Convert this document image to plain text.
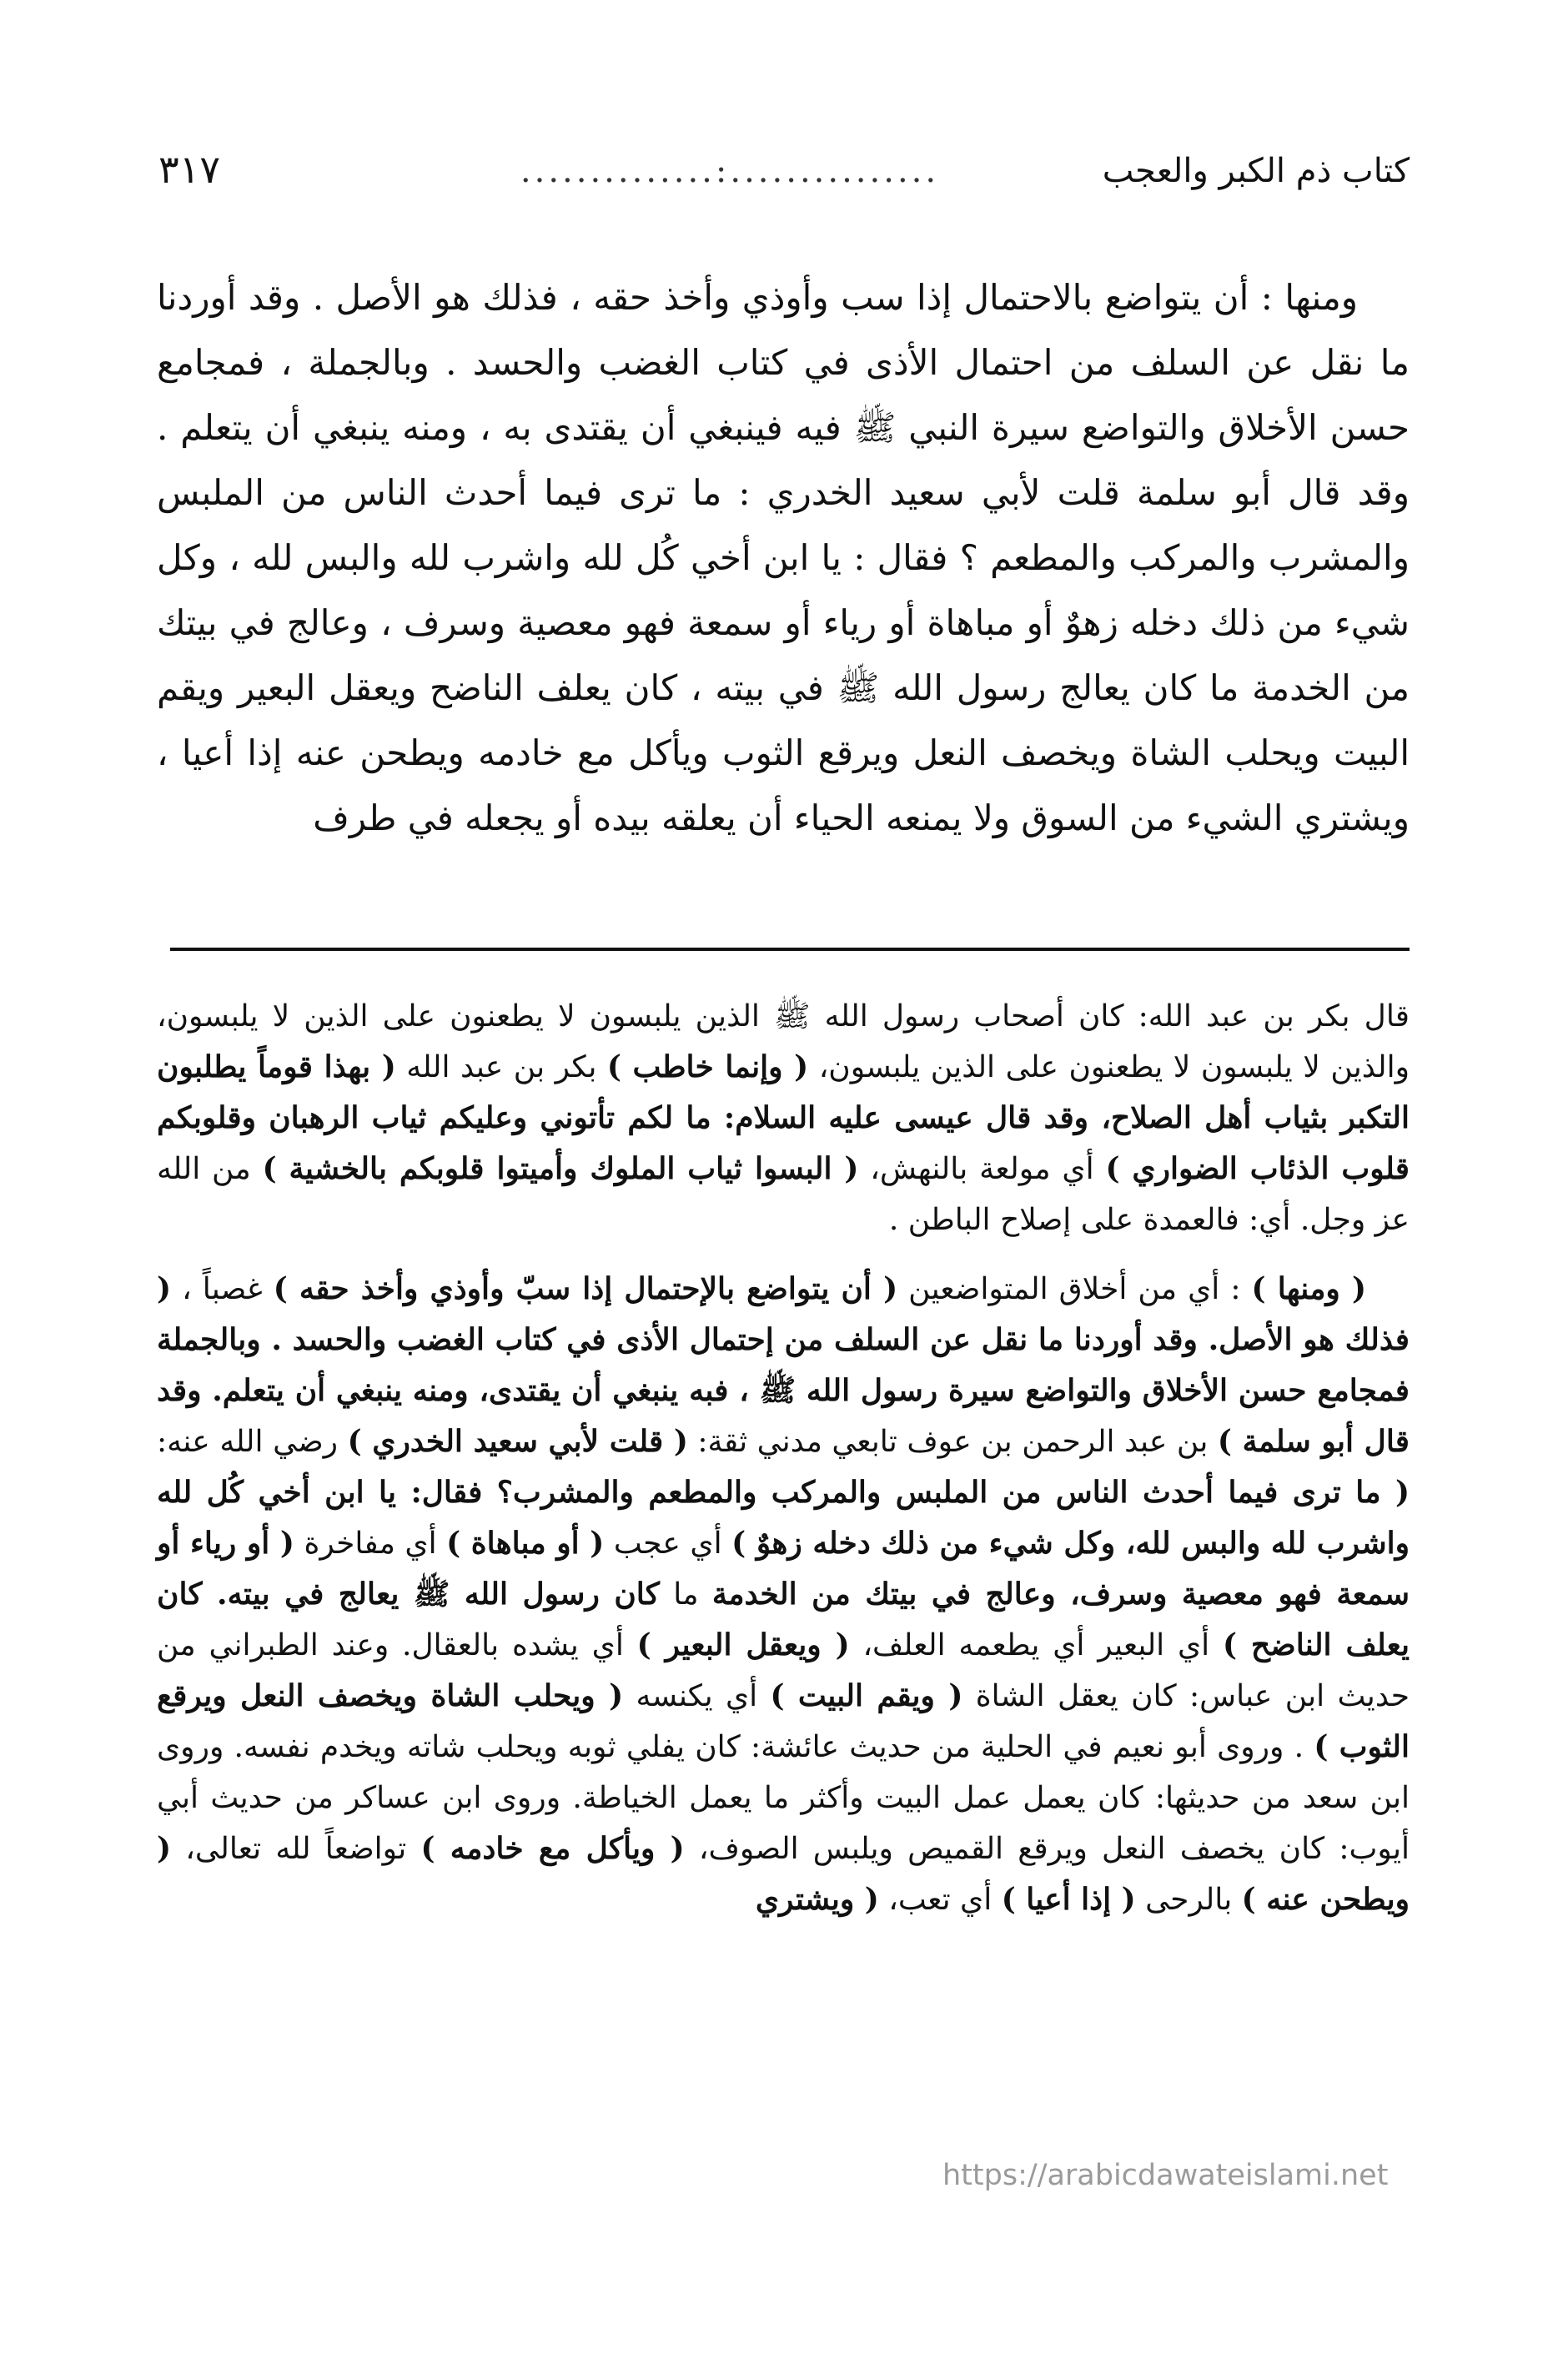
كتاب ذم الكبر والعجب
...............:..............
٣١٧

ومنها : أن يتواضع بالاحتمال إذا سب وأوذي وأخذ حقه ، فذلك هو الأصل . وقد أوردنا ما نقل عن السلف من احتمال الأذى في كتاب الغضب والحسد . وبالجملة ، فمجامع حسن الأخلاق والتواضع سيرة النبي ﷺ فيه فينبغي أن يقتدى به ، ومنه ينبغي أن يتعلم . وقد قال أبو سلمة قلت لأبي سعيد الخدري : ما ترى فيما أحدث الناس من الملبس والمشرب والمركب والمطعم ؟ فقال : يا ابن أخي كُل لله واشرب لله والبس لله ، وكل شيء من ذلك دخله زهوٌ أو مباهاة أو رياء أو سمعة فهو معصية وسرف ، وعالج في بيتك من الخدمة ما كان يعالج رسول الله ﷺ في بيته ، كان يعلف الناضح ويعقل البعير ويقم البيت ويحلب الشاة ويخصف النعل ويرقع الثوب ويأكل مع خادمه ويطحن عنه إذا أعيا ، ويشتري الشيء من السوق ولا يمنعه الحياء أن يعلقه بيده أو يجعله في طرف

قال بكر بن عبد الله: كان أصحاب رسول الله ﷺ الذين يلبسون لا يطعنون على الذين لا يلبسون، والذين لا يلبسون لا يطعنون على الذين يلبسون، ( وإنما خاطب ) بكر بن عبد الله ( بهذا قوماً يطلبون التكبر بثياب أهل الصلاح، وقد قال عيسى عليه السلام: ما لكم تأتوني وعليكم ثياب الرهبان وقلوبكم قلوب الذئاب الضواري ) أي مولعة بالنهش، ( البسوا ثياب الملوك وأميتوا قلوبكم بالخشية ) من الله عز وجل. أي: فالعمدة على إصلاح الباطن .

( ومنها ) : أي من أخلاق المتواضعين ( أن يتواضع بالإحتمال إذا سبّ وأوذي وأخذ حقه ) غصباً ، ( فذلك هو الأصل. وقد أوردنا ما نقل عن السلف من إحتمال الأذى في كتاب الغضب والحسد . وبالجملة فمجامع حسن الأخلاق والتواضع سيرة رسول الله ﷺ ، فبه ينبغي أن يقتدى، ومنه ينبغي أن يتعلم. وقد قال أبو سلمة ) بن عبد الرحمن بن عوف تابعي مدني ثقة: ( قلت لأبي سعيد الخدري ) رضي الله عنه: ( ما ترى فيما أحدث الناس من الملبس والمركب والمطعم والمشرب؟ فقال: يا ابن أخي كُل لله واشرب لله والبس لله، وكل شيء من ذلك دخله زهوٌ ) أي عجب ( أو مباهاة ) أي مفاخرة ( أو رياء أو سمعة فهو معصية وسرف، وعالج في بيتك من الخدمة ما كان رسول الله ﷺ يعالج في بيته. كان يعلف الناضح ) أي البعير أي يطعمه العلف، ( ويعقل البعير ) أي يشده بالعقال. وعند الطبراني من حديث ابن عباس: كان يعقل الشاة ( ويقم البيت ) أي يكنسه ( ويحلب الشاة ويخصف النعل ويرقع الثوب ) . وروى أبو نعيم في الحلية من حديث عائشة: كان يفلي ثوبه ويحلب شاته ويخدم نفسه. وروى ابن سعد من حديثها: كان يعمل عمل البيت وأكثر ما يعمل الخياطة. وروى ابن عساكر من حديث أبي أيوب: كان يخصف النعل ويرقع القميص ويلبس الصوف، ( ويأكل مع خادمه ) تواضعاً لله تعالى، ( ويطحن عنه ) بالرحى ( إذا أعيا ) أي تعب، ( ويشتري

https://arabicdawateislami.net
